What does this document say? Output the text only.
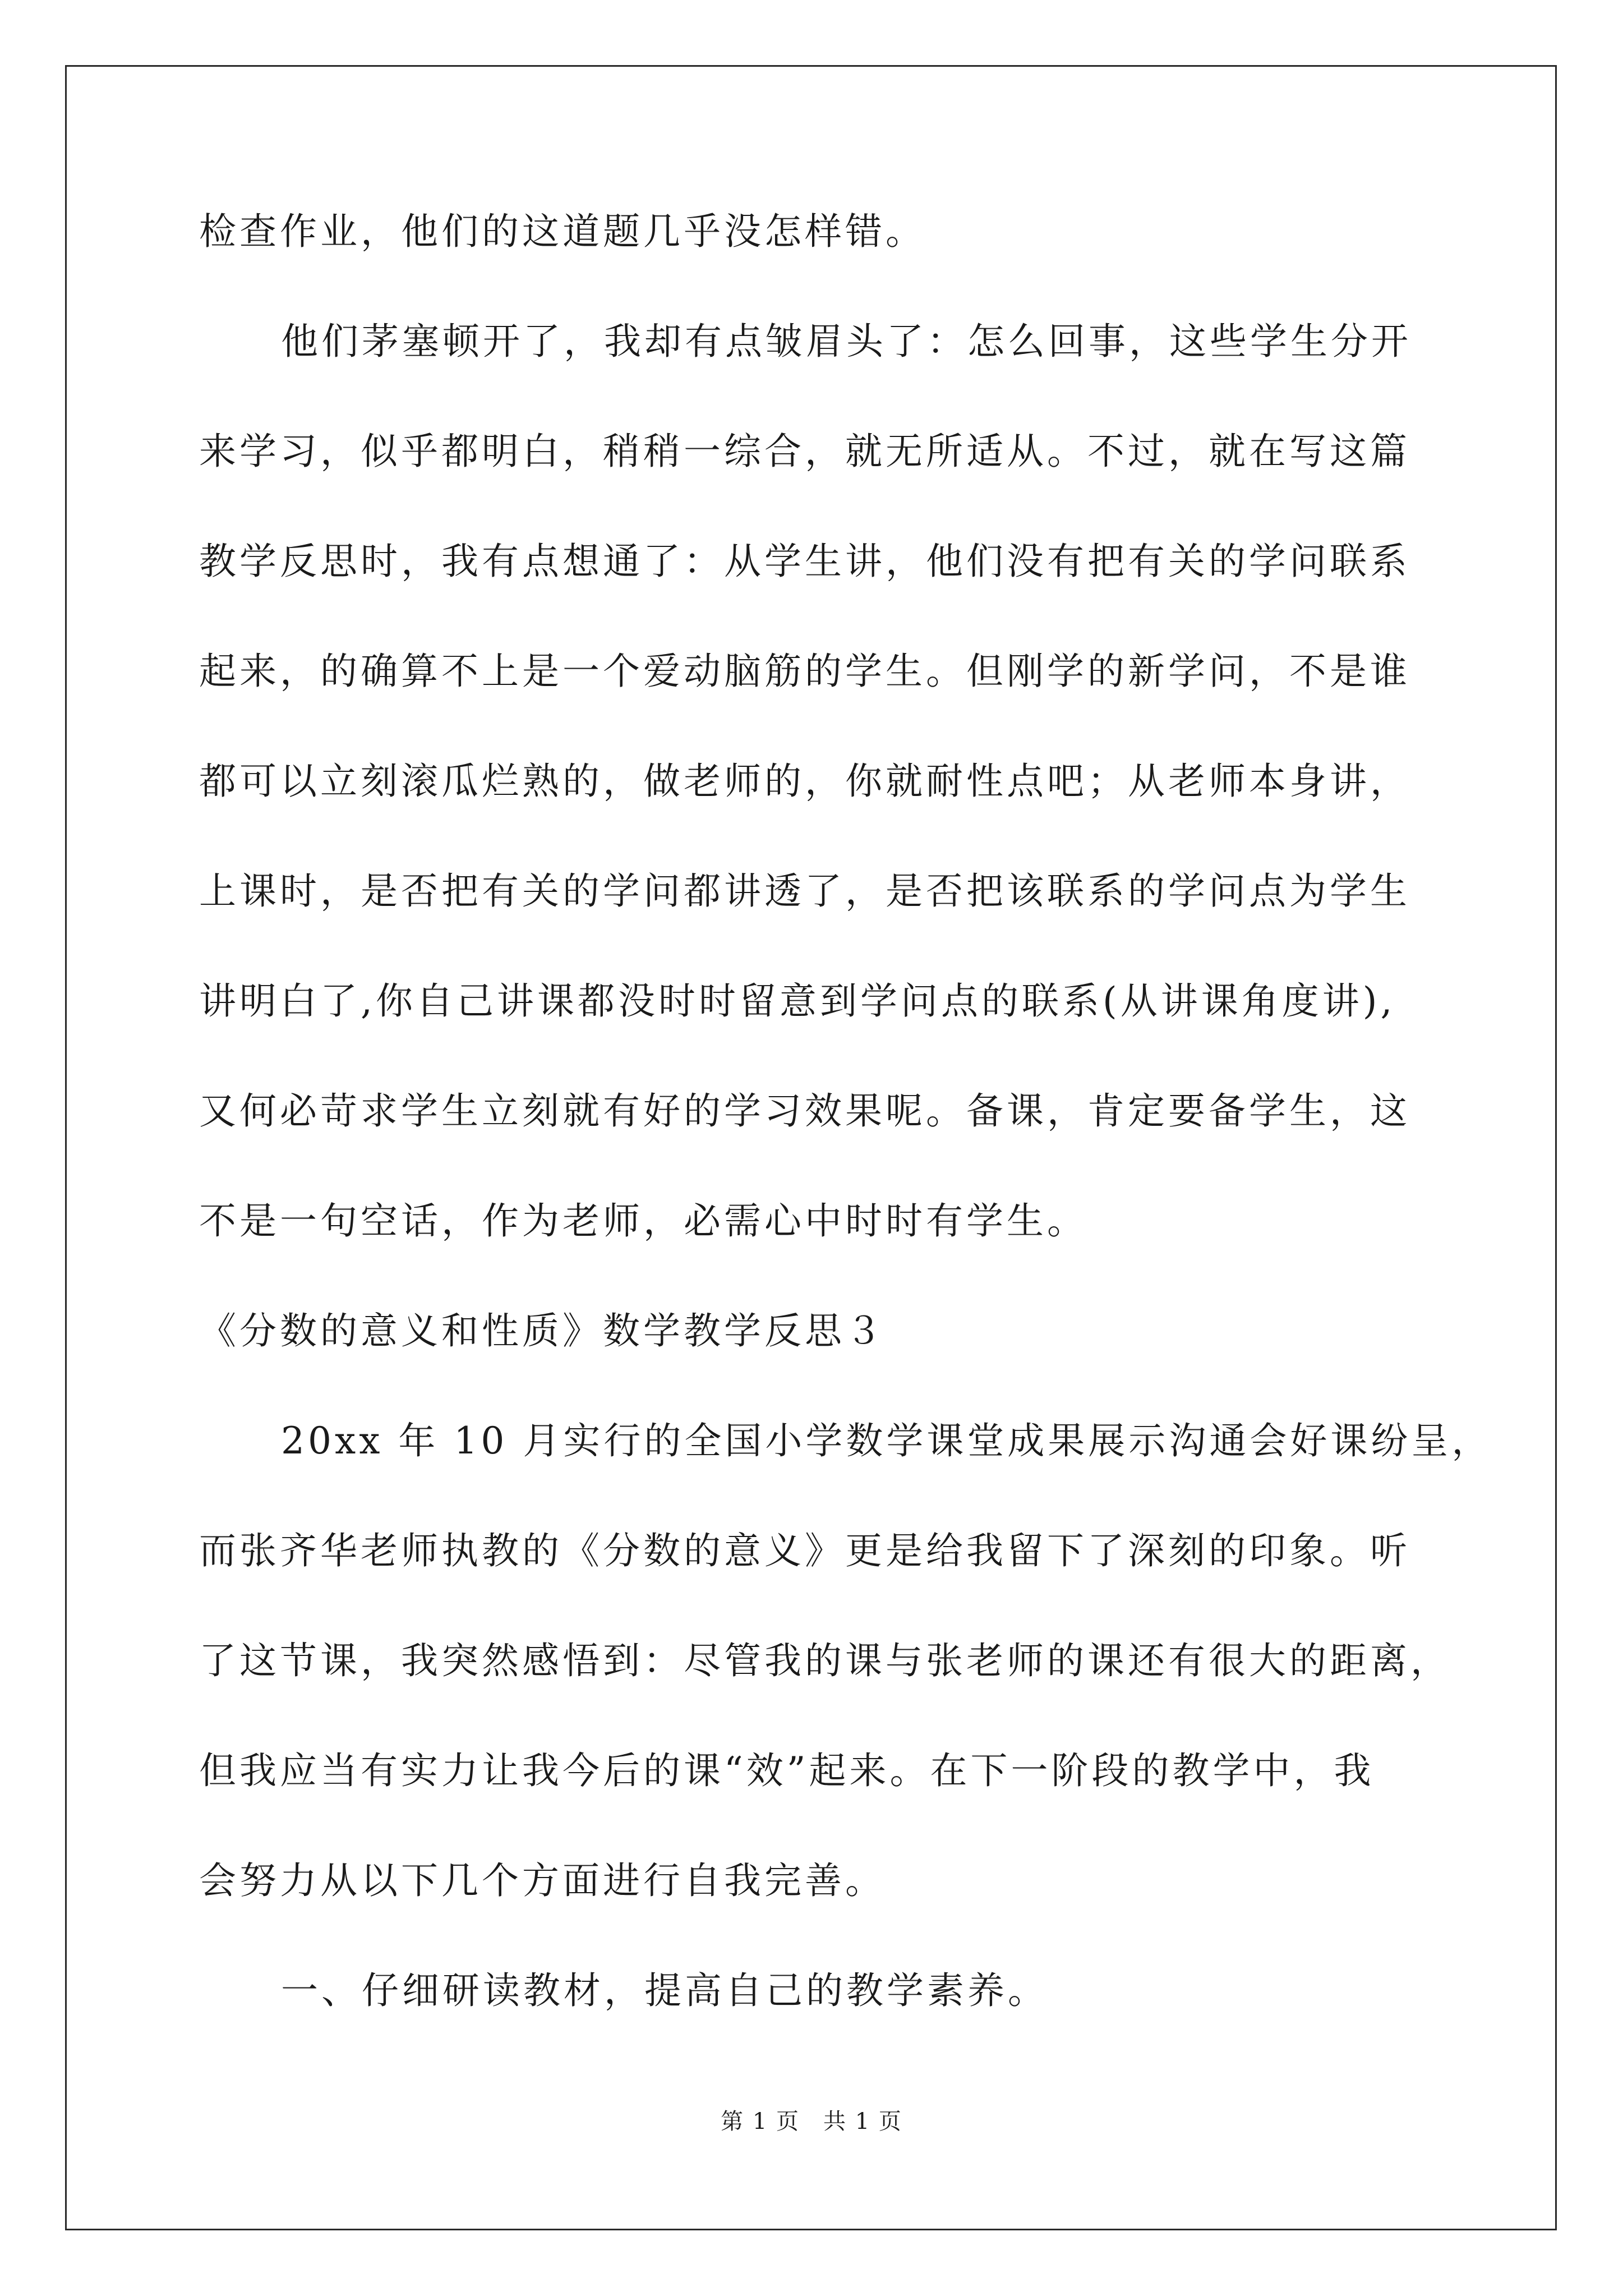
检查作业，他们的这道题几乎没怎样错。
他们茅塞顿开了，我却有点皱眉头了：怎么回事，这些学生分开
来学习，似乎都明白，稍稍一综合，就无所适从。不过，就在写这篇
教学反思时，我有点想通了：从学生讲，他们没有把有关的学问联系
起来，的确算不上是一个爱动脑筋的学生。但刚学的新学问，不是谁
都可以立刻滚瓜烂熟的，做老师的，你就耐性点吧；从老师本身讲，
上课时，是否把有关的学问都讲透了，是否把该联系的学问点为学生
讲明白了,你自己讲课都没时时留意到学问点的联系(从讲课角度讲),
又何必苛求学生立刻就有好的学习效果呢。备课，肯定要备学生，这
不是一句空话，作为老师，必需心中时时有学生。
《分数的意义和性质》数学教学反思３
20xx 年 10 月实行的全国小学数学课堂成果展示沟通会好课纷呈，
而张齐华老师执教的《分数的意义》更是给我留下了深刻的印象。听
了这节课，我突然感悟到：尽管我的课与张老师的课还有很大的距离，
但我应当有实力让我今后的课“效”起来。在下一阶段的教学中，我
会努力从以下几个方面进行自我完善。
一、仔细研读教材，提高自己的教学素养。
第 1 页　共 1 页
